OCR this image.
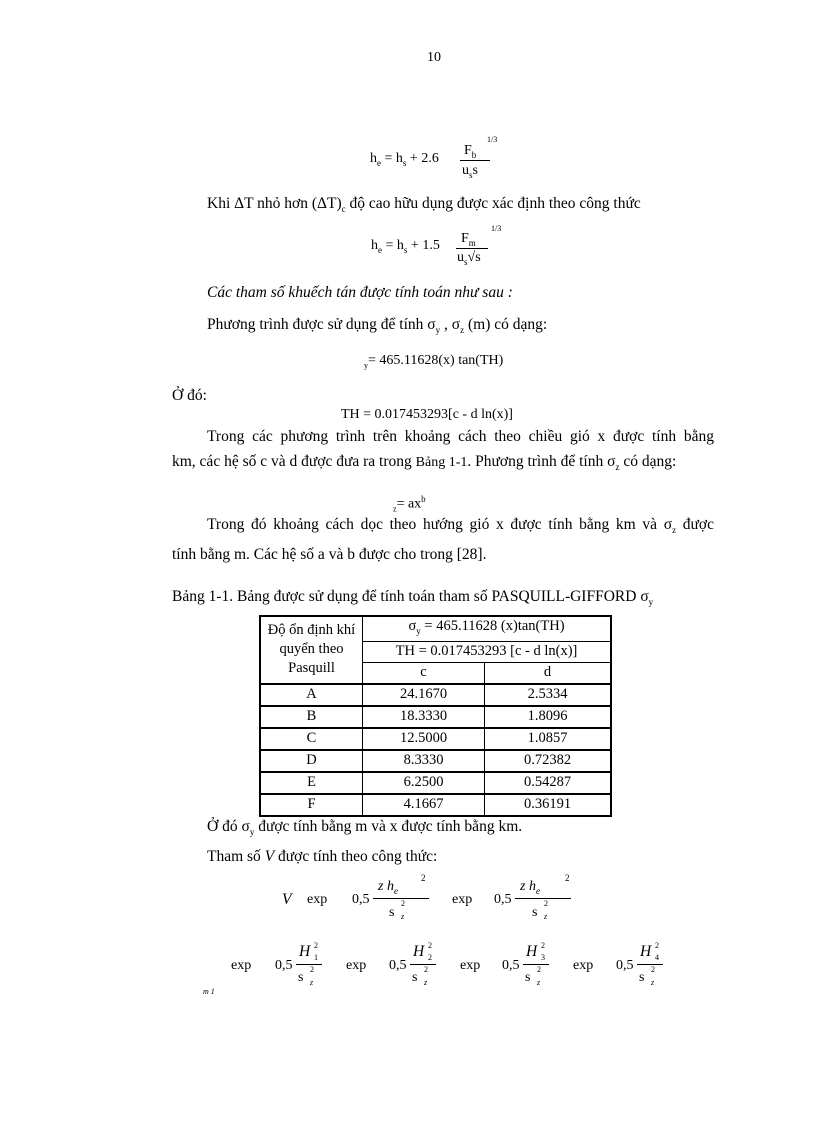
10
$h_e = h_s + 2.6$
$F_b$
$u_ss$
1/3
Khi ΔT nhỏ hơn $(\Delta T)_c$ độ cao hữu dụng được xác định theo công thức
$h_e = h_s + 1.5$ $F_m$
$u_s√s$
1/3
Các tham số khuếch tán được tính toán như sau :
Phương trình được sử dụng để tính $\sigma_y$ , $\sigma_z$ (m) có dạng:
$_y$= 465.11628(x) tan(TH)
Ở đó:
TH = 0.017453293[c - d ln(x)]
Trong các phương trình trên khoảng cách theo chiều gió x được tính bằng
km, các hệ số c và d được đưa ra trong Bảng 1-1. Phương trình để tính $\sigma_z$ có dạng:
$_z= ax^b$
Trong đó khoảng cách dọc theo hướng gió x được tính bằng km và $\sigma_z$ được
tính bằng m. Các hệ số a và b được cho trong [28].
Bảng 1-1. Bảng được sử dụng để tính toán tham số PASQUILL-GIFFORD $\sigma_y$
Độ ổn định khí
quyển theo
Pasquill	$\sigma_y = 465.11628$ (x)tan(TH)	
	TH = 0.017453293 [c - d ln(x)]	
	c	d
A	24.1670	2.5334
B	18.3330	1.8096
C	12.5000	1.0857
D	8.3330	0.72382
E	6.2500	0.54287
F	4.1667	0.36191
Ở đó $\sigma_y$ được tính bằng m và x được tính bằng km.
Tham số V được tính theo công thức:
V exp 0,5
z $h_e$
2
s
2
z
exp 0,5
z $h_e$
2
s
2
z
m 1
exp 0,5
H 2
1
s
2
z
exp 0,5
H 2
2
s
2
z
exp 0,5
H 2
3
s
2
z
exp 0,5
H 2
4
s
2
z
